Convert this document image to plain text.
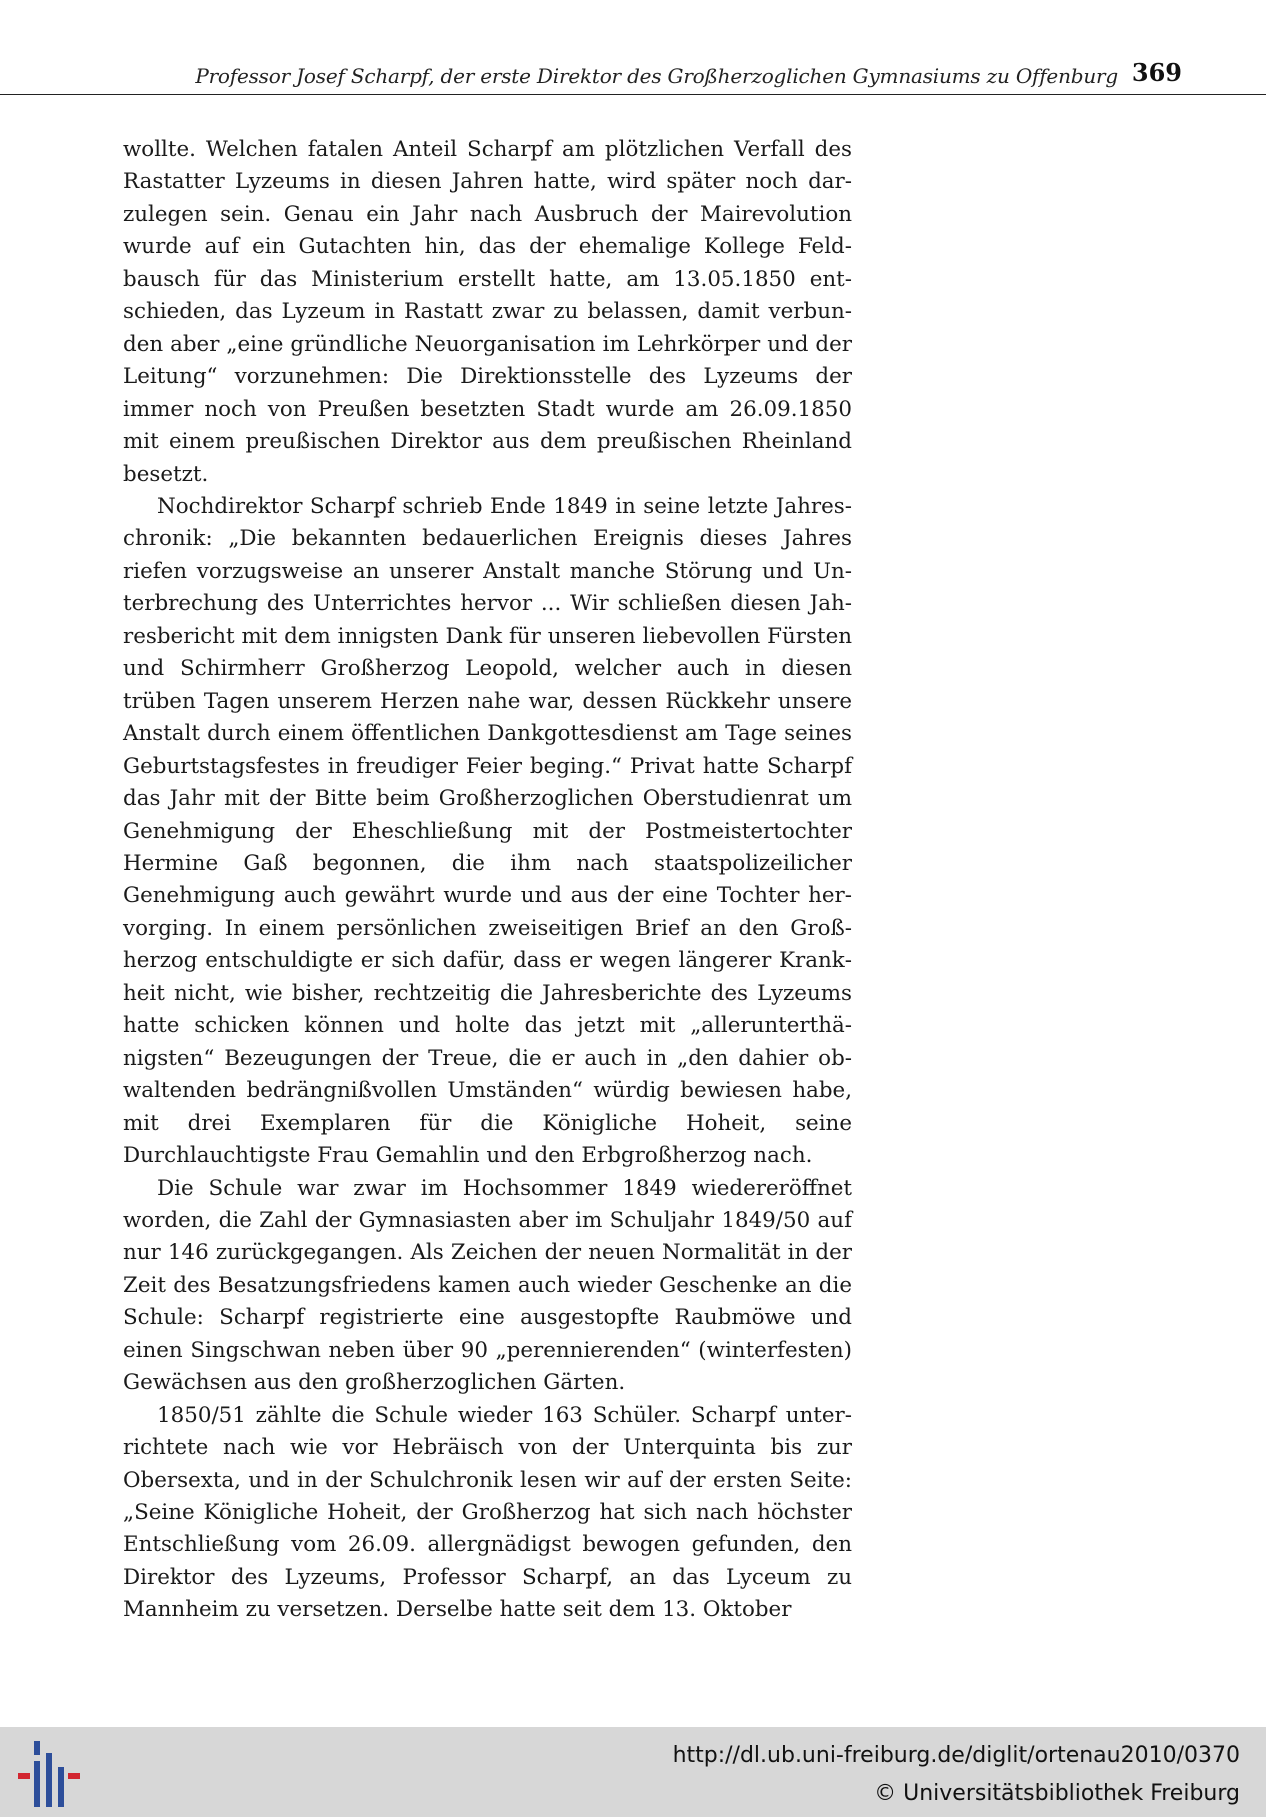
Professor Josef Scharpf, der erste Direktor des Großherzoglichen Gymnasiums zu Offenburg 369

wollte. Welchen fatalen Anteil Scharpf am plötzlichen Verfall des Rastatter Lyzeums in diesen Jahren hatte, wird später noch darzulegen sein. Genau ein Jahr nach Ausbruch der Mairevolution wurde auf ein Gutachten hin, das der ehemalige Kollege Feldbausch für das Ministerium erstellt hatte, am 13.05.1850 entschieden, das Lyzeum in Rastatt zwar zu belassen, damit verbunden aber „eine gründliche Neuorganisation im Lehrkörper und der Leitung“ vorzunehmen: Die Direktionsstelle des Lyzeums der immer noch von Preußen besetzten Stadt wurde am 26.09.1850 mit einem preußischen Direktor aus dem preußischen Rheinland besetzt.

Nochdirektor Scharpf schrieb Ende 1849 in seine letzte Jahreschronik: „Die bekannten bedauerlichen Ereignis dieses Jahres riefen vorzugsweise an unserer Anstalt manche Störung und Unterbrechung des Unterrichtes hervor ... Wir schließen diesen Jahresbericht mit dem innigsten Dank für unseren liebevollen Fürsten und Schirmherr Großherzog Leopold, welcher auch in diesen trüben Tagen unserem Herzen nahe war, dessen Rückkehr unsere Anstalt durch einem öffentlichen Dankgottesdienst am Tage seines Geburtstagsfestes in freudiger Feier beging.“ Privat hatte Scharpf das Jahr mit der Bitte beim Großherzoglichen Oberstudienrat um Genehmigung der Eheschließung mit der Postmeistertochter Hermine Gaß begonnen, die ihm nach staatspolizeilicher Genehmigung auch gewährt wurde und aus der eine Tochter hervorging. In einem persönlichen zweiseitigen Brief an den Großherzog entschuldigte er sich dafür, dass er wegen längerer Krankheit nicht, wie bisher, rechtzeitig die Jahresberichte des Lyzeums hatte schicken können und holte das jetzt mit „allerunterthänigsten“ Bezeugungen der Treue, die er auch in „den dahier obwaltenden bedrängnißvollen Umständen“ würdig bewiesen habe, mit drei Exemplaren für die Königliche Hoheit, seine Durchlauchtigste Frau Gemahlin und den Erbgroßherzog nach.

Die Schule war zwar im Hochsommer 1849 wiedereröffnet worden, die Zahl der Gymnasiasten aber im Schuljahr 1849/50 auf nur 146 zurückgegangen. Als Zeichen der neuen Normalität in der Zeit des Besatzungsfriedens kamen auch wieder Geschenke an die Schule: Scharpf registrierte eine ausgestopfte Raubmöwe und einen Singschwan neben über 90 „perennierenden“ (winterfesten) Gewächsen aus den großherzoglichen Gärten.

1850/51 zählte die Schule wieder 163 Schüler. Scharpf unterrichtete nach wie vor Hebräisch von der Unterquinta bis zur Obersexta, und in der Schulchronik lesen wir auf der ersten Seite: „Seine Königliche Hoheit, der Großherzog hat sich nach höchster Entschließung vom 26.09. allergnädigst bewogen gefunden, den Direktor des Lyzeums, Professor Scharpf, an das Lyceum zu Mannheim zu versetzen. Derselbe hatte seit dem 13. Oktober

http://dl.ub.uni-freiburg.de/diglit/ortenau2010/0370
© Universitätsbibliothek Freiburg
